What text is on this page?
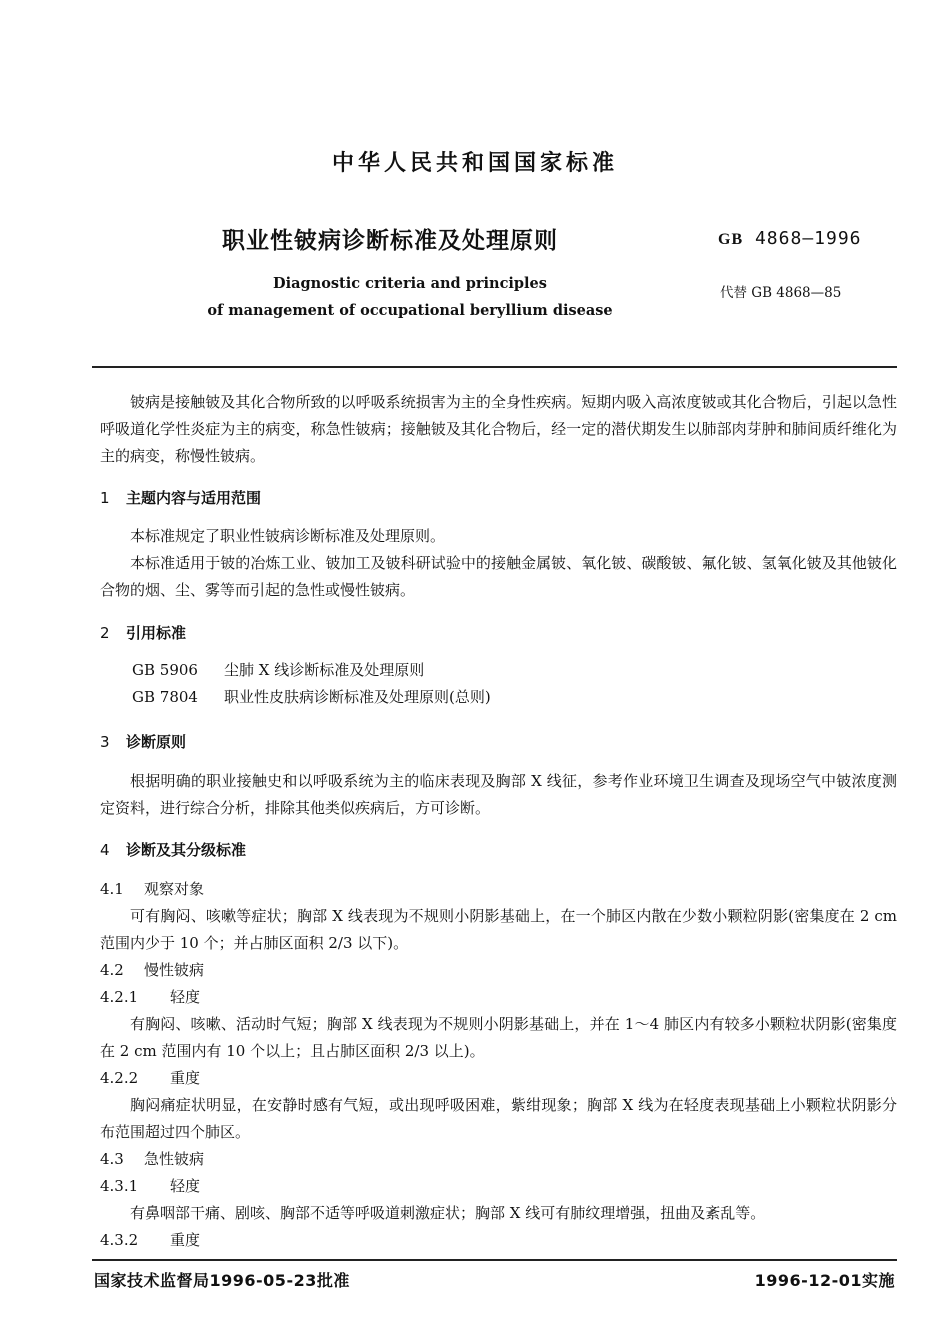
中华人民共和国国家标准
职业性铍病诊断标准及处理原则	GB 4868—1996
Diagnostic criteria and principles
of management of occupational beryllium disease
代替 GB 4868—85

铍病是接触铍及其化合物所致的以呼吸系统损害为主的全身性疾病。短期内吸入高浓度铍或其化合物后，引起以急性呼吸道化学性炎症为主的病变，称急性铍病；接触铍及其化合物后，经一定的潜伏期发生以肺部肉芽肿和肺间质纤维化为主的病变，称慢性铍病。

1 主题内容与适用范围

本标准规定了职业性铍病诊断标准及处理原则。

本标准适用于铍的冶炼工业、铍加工及铍科研试验中的接触金属铍、氧化铍、碳酸铍、氟化铍、氢氧化铍及其他铍化合物的烟、尘、雾等而引起的急性或慢性铍病。

2 引用标准
GB 5906 尘肺 X 线诊断标准及处理原则
GB 7804 职业性皮肤病诊断标准及处理原则(总则)
3 诊断原则

根据明确的职业接触史和以呼吸系统为主的临床表现及胸部 X 线征，参考作业环境卫生调查及现场空气中铍浓度测定资料，进行综合分析，排除其他类似疾病后，方可诊断。

4 诊断及其分级标准
4.1 观察对象

可有胸闷、咳嗽等症状；胸部 X 线表现为不规则小阴影基础上，在一个肺区内散在少数小颗粒阴影(密集度在 2 cm 范围内少于 10 个；并占肺区面积 2/3 以下)。

4.2 慢性铍病
4.2.1 轻度

有胸闷、咳嗽、活动时气短；胸部 X 线表现为不规则小阴影基础上，并在 1～4 肺区内有较多小颗粒状阴影(密集度在 2 cm 范围内有 10 个以上；且占肺区面积 2/3 以上)。

4.2.2 重度

胸闷痛症状明显，在安静时感有气短，或出现呼吸困难，紫绀现象；胸部 X 线为在轻度表现基础上小颗粒状阴影分布范围超过四个肺区。

4.3 急性铍病
4.3.1 轻度

有鼻咽部干痛、剧咳、胸部不适等呼吸道刺激症状；胸部 X 线可有肺纹理增强，扭曲及紊乱等。

4.3.2 重度
国家技术监督局1996-05-23批准	1996-12-01实施
